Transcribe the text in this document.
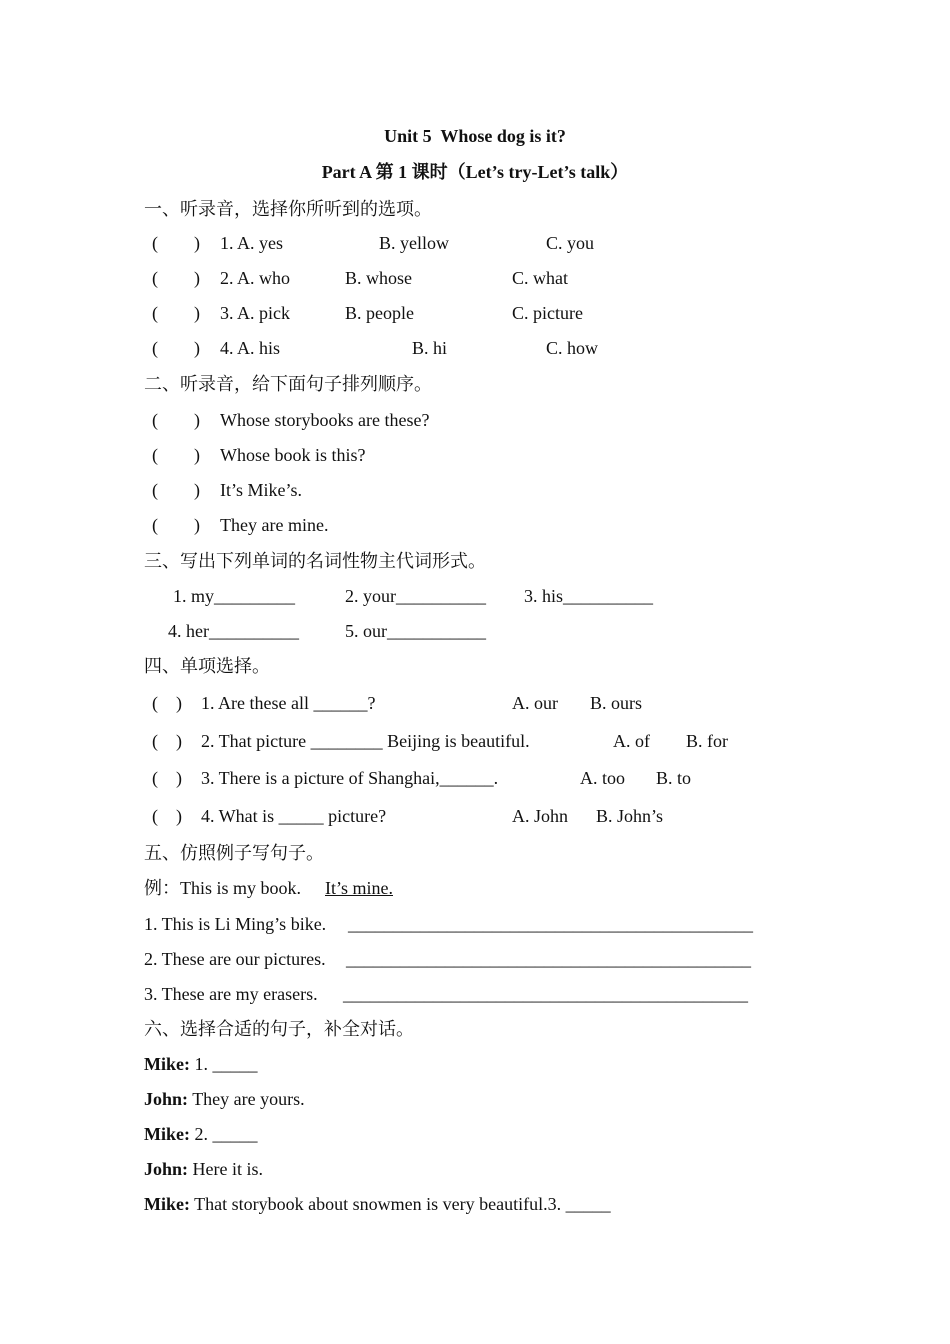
Unit 5  Whose dog is it?
Part A 第 1 课时（Let’s try-Let’s talk）
一、听录音，选择你所听到的选项。
(        ) 1. A. yes	B. yellow	C. you
(        ) 2. A. who	B. whose	C. what
(        ) 3. A. pick	B. people	C. picture
(        ) 4. A. his	B. hi	C. how
二、听录音，给下面句子排列顺序。
(        ) Whose storybooks are these?
(        ) Whose book is this?
(        ) It’s Mike’s.
(        ) They are mine.
三、写出下列单词的名词性物主代词形式。
1. my_________	2. your__________ 3. his__________
4. her__________	5. our___________
四、单项选择。
(    ) 1. Are these all ______?	A. our B. ours
(    ) 2. That picture ________ Beijing is beautiful.	A. of B. for
(    ) 3. There is a picture of Shanghai,______.	A. too B. to
(    ) 4. What is _____ picture?	A. John B. John’s
五、仿照例子写句子。
例：This is my book. It’s mine.
1. This is Li Ming’s bike. _____________________________________________
2. These are our pictures. _____________________________________________
3. These are my erasers. _____________________________________________
六、选择合适的句子，补全对话。
Mike: 1. _____
John: They are yours.
Mike: 2. _____
John: Here it is.
Mike: That storybook about snowmen is very beautiful.3. _____
